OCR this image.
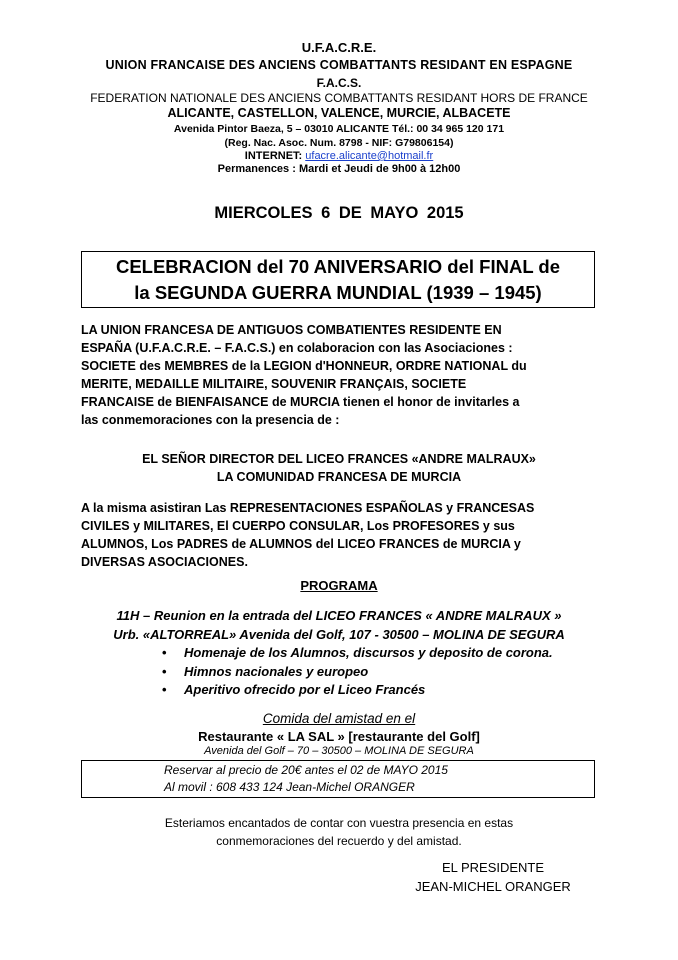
U.F.A.C.R.E.
UNION FRANCAISE DES ANCIENS COMBATTANTS RESIDANT EN ESPAGNE
F.A.C.S.
FEDERATION NATIONALE DES ANCIENS COMBATTANTS RESIDANT HORS DE FRANCE
ALICANTE, CASTELLON, VALENCE, MURCIE, ALBACETE
Avenida Pintor Baeza, 5 – 03010 ALICANTE Tél.: 00 34 965 120 171
(Reg. Nac. Asoc. Num. 8798 - NIF: G79806154)
INTERNET: ufacre.alicante@hotmail.fr
Permanences : Mardi et Jeudi de 9h00 à 12h00
MIERCOLES 6 DE MAYO 2015
CELEBRACION del 70 ANIVERSARIO del FINAL de
la SEGUNDA GUERRA MUNDIAL (1939 – 1945)
LA UNION FRANCESA DE ANTIGUOS COMBATIENTES RESIDENTE EN
ESPAÑA (U.F.A.C.R.E. – F.A.C.S.) en colaboracion con las Asociaciones :
SOCIETE des MEMBRES de la LEGION d'HONNEUR, ORDRE NATIONAL du
MERITE, MEDAILLE MILITAIRE, SOUVENIR FRANÇAIS, SOCIETE
FRANCAISE de BIENFAISANCE de MURCIA tienen el honor de invitarles a
las conmemoraciones con la presencia de :
EL SEÑOR DIRECTOR DEL LICEO FRANCES «ANDRE MALRAUX»
LA COMUNIDAD FRANCESA DE MURCIA
A la misma asistiran Las REPRESENTACIONES ESPAÑOLAS y FRANCESAS
CIVILES y MILITARES, El CUERPO CONSULAR, Los PROFESORES y sus
ALUMNOS, Los PADRES de ALUMNOS del LICEO FRANCES de MURCIA y
DIVERSAS ASOCIACIONES.
PROGRAMA
11H – Reunion en la entrada del LICEO FRANCES « ANDRE MALRAUX »
Urb. «ALTORREAL» Avenida del Golf, 107 - 30500 – MOLINA DE SEGURA
• Homenaje de los Alumnos, discursos y deposito de corona.
• Himnos nacionales y europeo
• Aperitivo ofrecido por el Liceo Francés
Comida del amistad en el
Restaurante « LA SAL » [restaurante del Golf]
Avenida del Golf – 70 – 30500 – MOLINA DE SEGURA
Reservar al precio de 20€ antes el 02 de MAYO 2015
Al movil : 608 433 124 Jean-Michel ORANGER
Esteriamos encantados de contar con vuestra presencia en estas
conmemoraciones del recuerdo y del amistad.
EL PRESIDENTE
JEAN-MICHEL ORANGER
